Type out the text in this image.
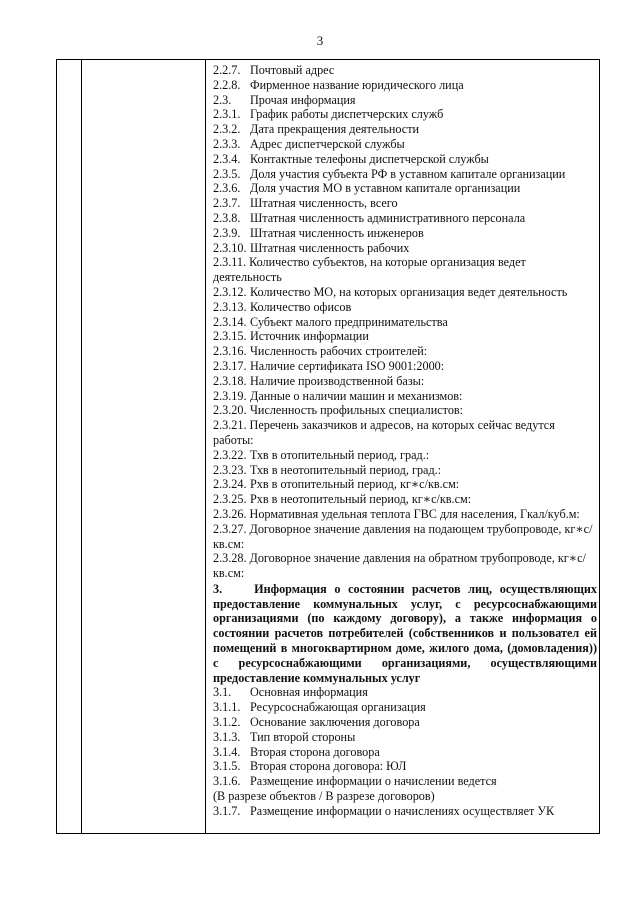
3
2.2.7. Почтовый адрес
2.2.8. Фирменное название юридического лица
2.3.	Прочая информация
2.3.1. График работы диспетчерских служб
2.3.2. Дата прекращения деятельности
2.3.3. Адрес диспетчерской службы
2.3.4. Контактные телефоны диспетчерской службы
2.3.5. Доля участия субъекта РФ в уставном капитале организации
2.3.6. Доля участия МО в уставном капитале организации
2.3.7. Штатная численность, всего
2.3.8. Штатная численность административного персонала
2.3.9. Штатная численность инженеров
2.3.10. Штатная численность рабочих
2.3.11. Количество субъектов, на которые организация ведет деятельность
2.3.12. Количество МО, на которых организация ведет деятельность
2.3.13. Количество офисов
2.3.14. Субъект малого предпринимательства
2.3.15. Источник информации
2.3.16. Численность рабочих строителей:
2.3.17. Наличие сертификата ISO 9001:2000:
2.3.18. Наличие производственной базы:
2.3.19. Данные о наличии машин и механизмов:
2.3.20. Численность профильных специалистов:
2.3.21. Перечень заказчиков и адресов, на которых сейчас ведутся работы:
2.3.22. Тхв в отопительный период, град.:
2.3.23. Тхв в неотопительный период, град.:
2.3.24. Рхв в отопительный период, кг∗с/кв.см:
2.3.25. Рхв в неотопительный период, кг∗с/кв.см:
2.3.26. Нормативная удельная теплота ГВС для населения, Гкал/куб.м:
2.3.27. Договорное значение давления на подающем трубопроводе, кг∗с/кв.см:
2.3.28. Договорное значение давления на обратном трубопроводе, кг∗с/кв.см:
3.	Информация о состоянии расчетов лиц, осуществляющих предоставление коммунальных услуг, с ресурсоснабжающими организациями (по каждому договору), а также информация о состоянии расчетов потребителей (собственников и пользовател ей помещений в многоквартирном доме, жилого дома, (домовладения)) с ресурсоснабжающими организациями, осуществляющими предоставление коммунальных услуг
3.1.	Основная информация
3.1.1. Ресурсоснабжающая организация
3.1.2. Основание заключения договора
3.1.3. Тип второй стороны
3.1.4. Вторая сторона договора
3.1.5. Вторая сторона договора: ЮЛ
3.1.6. Размещение информации о начислении ведется
(В разрезе объектов / В разрезе договоров)
3.1.7. Размещение информации о начислениях осуществляет УК
